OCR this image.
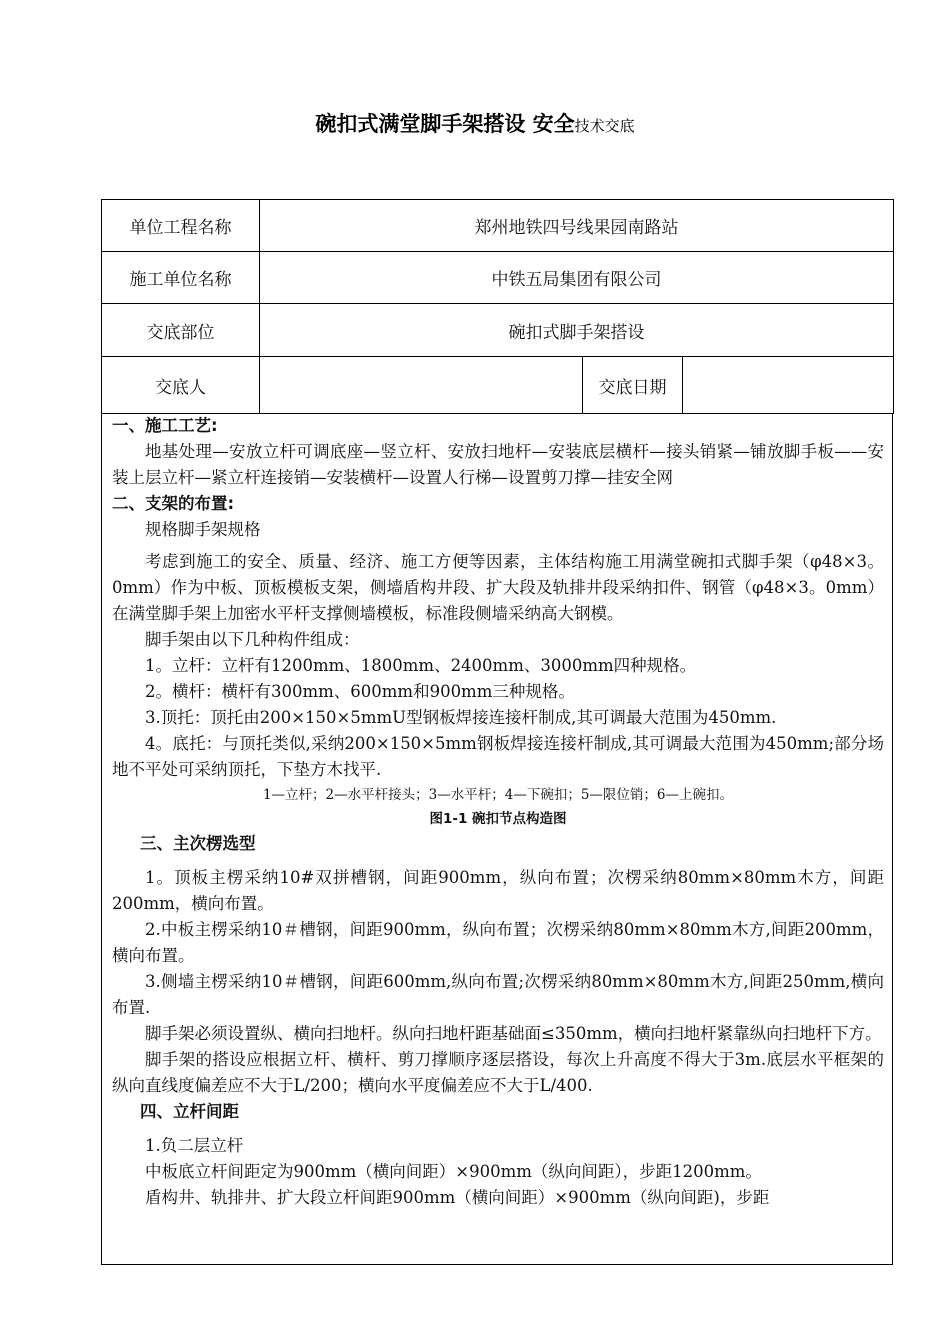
碗扣式满堂脚手架搭设 安全技术交底
单位工程名称	郑州地铁四号线果园南路站		
施工单位名称	中铁五局集团有限公司		
交底部位	碗扣式脚手架搭设		
交底人		交底日期	

一、施工工艺:

地基处理—安放立杆可调底座—竖立杆、安放扫地杆—安装底层横杆—接头销紧—铺放脚手板——安装上层立杆—紧立杆连接销—安装横杆—设置人行梯—设置剪刀撑—挂安全网

二、支架的布置:

规格脚手架规格

考虑到施工的安全、质量、经济、施工方便等因素，主体结构施工用满堂碗扣式脚手架（φ48×3。0mm）作为中板、顶板模板支架，侧墙盾构井段、扩大段及轨排井段采纳扣件、钢管（φ48×3。0mm）在满堂脚手架上加密水平杆支撑侧墙模板，标准段侧墙采纳高大钢模。

脚手架由以下几种构件组成：

1。立杆：立杆有1200mm、1800mm、2400mm、3000mm四种规格。

2。横杆：横杆有300mm、600mm和900mm三种规格。

3.顶托：顶托由200×150×5mmU型钢板焊接连接杆制成,其可调最大范围为450mm.

4。底托：与顶托类似,采纳200×150×5mm钢板焊接连接杆制成,其可调最大范围为450mm;部分场地不平处可采纳顶托，下垫方木找平.

1—立杆；2—水平杆接头；3—水平杆；4—下碗扣；5—限位销；6—上碗扣。

图1-1 碗扣节点构造图

三、主次楞选型

1。顶板主楞采纳10#双拼槽钢，间距900mm，纵向布置；次楞采纳80mm×80mm木方，间距200mm，横向布置。

2.中板主楞采纳10＃槽钢，间距900mm，纵向布置；次楞采纳80mm×80mm木方,间距200mm，横向布置。

3.侧墙主楞采纳10＃槽钢，间距600mm,纵向布置;次楞采纳80mm×80mm木方,间距250mm,横向布置.

脚手架必须设置纵、横向扫地杆。纵向扫地杆距基础面≤350mm，横向扫地杆紧靠纵向扫地杆下方。

脚手架的搭设应根据立杆、横杆、剪刀撑顺序逐层搭设，每次上升高度不得大于3m.底层水平框架的纵向直线度偏差应不大于L/200；横向水平度偏差应不大于L/400.

四、立杆间距

1.负二层立杆

中板底立杆间距定为900mm（横向间距）×900mm（纵向间距），步距1200mm。

盾构井、轨排井、扩大段立杆间距900mm（横向间距）×900mm（纵向间距)，步距
